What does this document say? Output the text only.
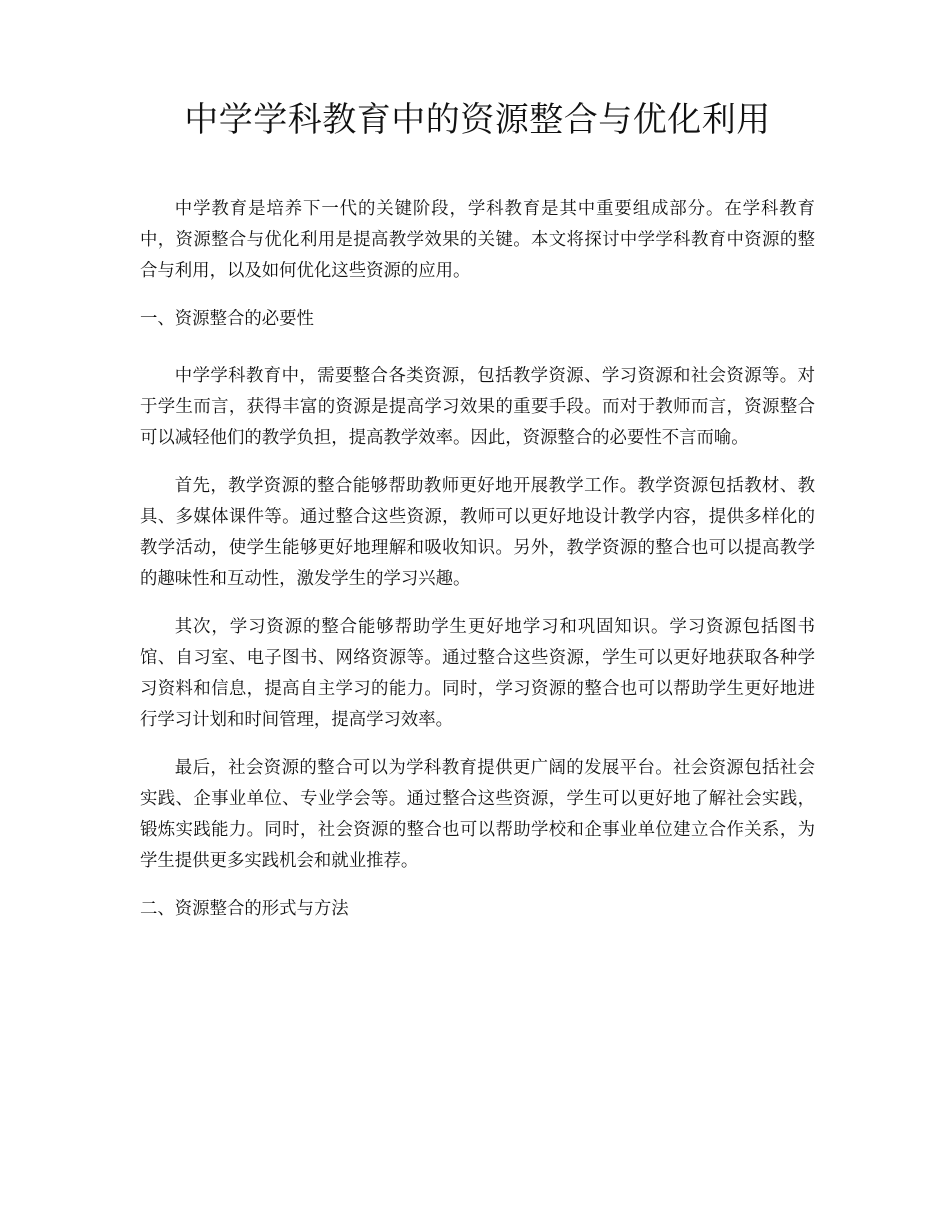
中学学科教育中的资源整合与优化利用

中学教育是培养下一代的关键阶段，学科教育是其中重要组成部分。在学科教育中，资源整合与优化利用是提高教学效果的关键。本文将探讨中学学科教育中资源的整合与利用，以及如何优化这些资源的应用。

一、资源整合的必要性

中学学科教育中，需要整合各类资源，包括教学资源、学习资源和社会资源等。对于学生而言，获得丰富的资源是提高学习效果的重要手段。而对于教师而言，资源整合可以减轻他们的教学负担，提高教学效率。因此，资源整合的必要性不言而喻。

首先，教学资源的整合能够帮助教师更好地开展教学工作。教学资源包括教材、教具、多媒体课件等。通过整合这些资源，教师可以更好地设计教学内容，提供多样化的教学活动，使学生能够更好地理解和吸收知识。另外，教学资源的整合也可以提高教学的趣味性和互动性，激发学生的学习兴趣。

其次，学习资源的整合能够帮助学生更好地学习和巩固知识。学习资源包括图书馆、自习室、电子图书、网络资源等。通过整合这些资源，学生可以更好地获取各种学习资料和信息，提高自主学习的能力。同时，学习资源的整合也可以帮助学生更好地进行学习计划和时间管理，提高学习效率。

最后，社会资源的整合可以为学科教育提供更广阔的发展平台。社会资源包括社会实践、企事业单位、专业学会等。通过整合这些资源，学生可以更好地了解社会实践，锻炼实践能力。同时，社会资源的整合也可以帮助学校和企事业单位建立合作关系，为学生提供更多实践机会和就业推荐。

二、资源整合的形式与方法
